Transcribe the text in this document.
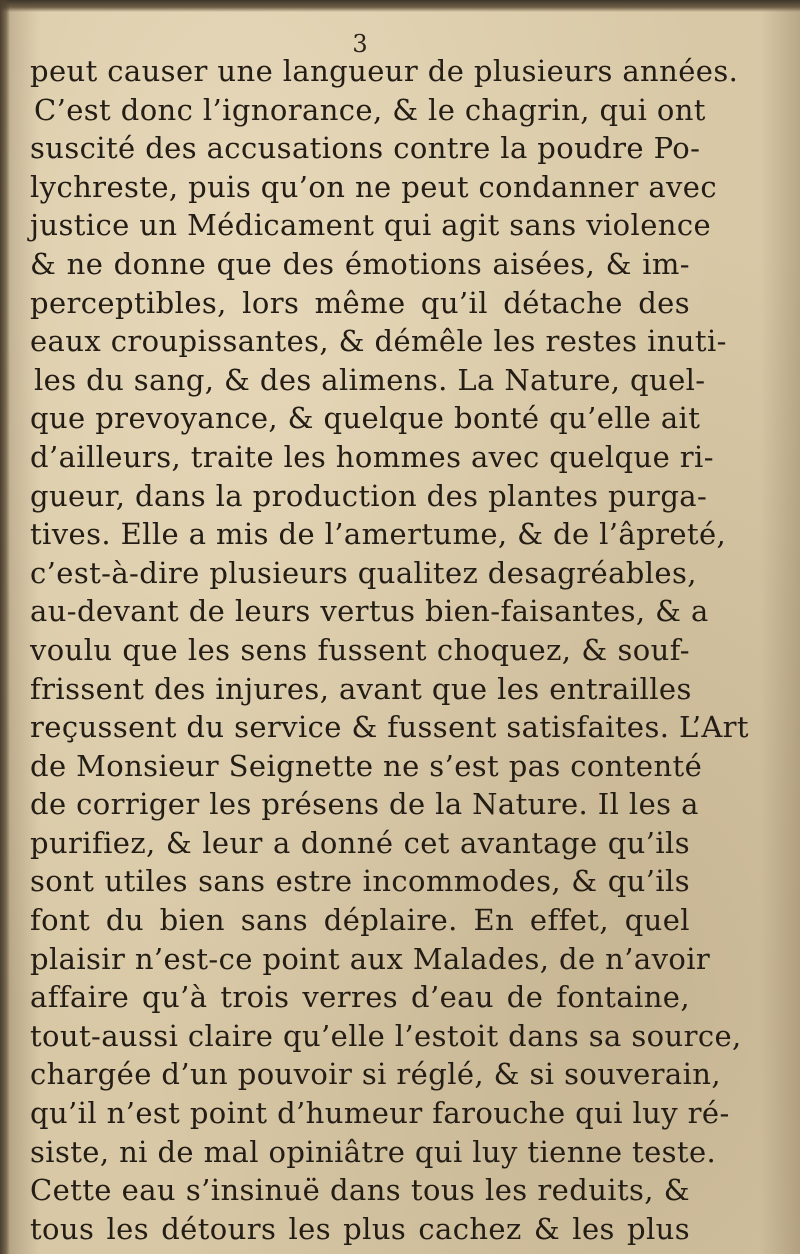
3
peut causer une langueur de plusieurs années.
C’est donc l’ignorance, & le chagrin, qui ont
suscité des accusations contre la poudre Po-
lychreste, puis qu’on ne peut condanner avec
justice un Médicament qui agit sans violence
& ne donne que des émotions aisées, & im-
perceptibles, lors même qu’il détache des
eaux croupissantes, & démêle les restes inuti-
les du sang, & des alimens. La Nature, quel-
que prevoyance, & quelque bonté qu’elle ait
d’ailleurs, traite les hommes avec quelque ri-
gueur, dans la production des plantes purga-
tives. Elle a mis de l’amertume, & de l’âpreté,
c’est-à-dire plusieurs qualitez desagréables,
au-devant de leurs vertus bien-faisantes, & a
voulu que les sens fussent choquez, & souf-
frissent des injures, avant que les entrailles
reçussent du service & fussent satisfaites. L’Art
de Monsieur Seignette ne s’est pas contenté
de corriger les présens de la Nature. Il les a
purifiez, & leur a donné cet avantage qu’ils
sont utiles sans estre incommodes, & qu’ils
font du bien sans déplaire. En effet, quel
plaisir n’est-ce point aux Malades, de n’avoir
affaire qu’à trois verres d’eau de fontaine,
tout-aussi claire qu’elle l’estoit dans sa source,
chargée d’un pouvoir si réglé, & si souverain,
qu’il n’est point d’humeur farouche qui luy ré-
siste, ni de mal opiniâtre qui luy tienne teste.
Cette eau s’insinuë dans tous les reduits, &
tous les détours les plus cachez & les plus
